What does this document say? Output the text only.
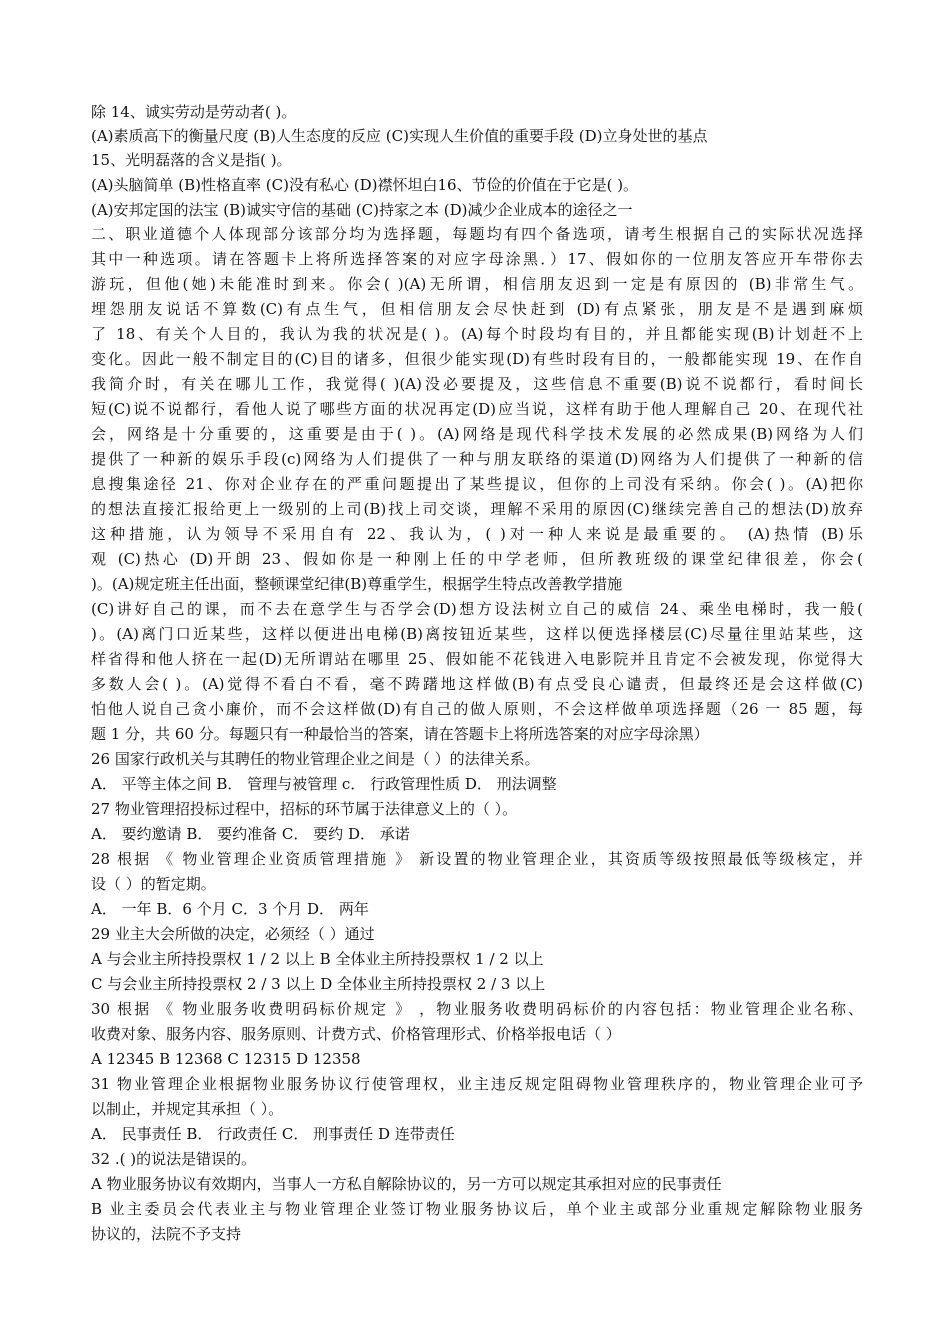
除 14、诚实劳动是劳动者( )。
(A)素质高下的衡量尺度 (B)人生态度的反应 (C)实现人生价值的重要手段 (D)立身处世的基点
15、光明磊落的含义是指( )。
(A)头脑简单 (B)性格直率 (C)没有私心 (D)襟怀坦白16、节俭的价值在于它是( )。
(A)安邦定国的法宝 (B)诚实守信的基础 (C)持家之本 (D)减少企业成本的途径之一
二、职业道德个人体现部分该部分均为选择题，每题均有四个备选项，请考生根据自己的实际状况选择
其中一种选项。请在答题卡上将所选择答案的对应字母涂黑．）17、假如你的一位朋友答应开车带你去
游玩，但他(她)未能准时到来。你会( )(A)无所谓，相信朋友迟到一定是有原因的 (B)非常生气。
埋怨朋友说话不算数(C)有点生气，但相信朋友会尽快赶到 (D)有点紧张，朋友是不是遇到麻烦
了 18、有关个人目的，我认为我的状况是( )。(A)每个时段均有目的，并且都能实现(B)计划赶不上
变化。因此一般不制定目的(C)目的诸多，但很少能实现(D)有些时段有目的，一般都能实现 19、在作自
我简介时，有关在哪儿工作，我觉得( )(A)没必要提及，这些信息不重要(B)说不说都行，看时间长
短(C)说不说都行，看他人说了哪些方面的状况再定(D)应当说，这样有助于他人理解自己 20、在现代社
会，网络是十分重要的，这重要是由于( )。(A)网络是现代科学技术发展的必然成果(B)网络为人们
提供了一种新的娱乐手段(c)网络为人们提供了一种与朋友联络的渠道(D)网络为人们提供了一种新的信
息搜集途径 21、你对企业存在的严重问题提出了某些提议，但你的上司没有采纳。你会( )。(A)把你
的想法直接汇报给更上一级别的上司(B)找上司交谈，理解不采用的原因(C)继续完善自己的想法(D)放弃
这种措施，认为领导不采用自有 22、我认为，( )对一种人来说是最重要的。 (A)热情 (B)乐
观 (C)热心 (D)开朗 23、假如你是一种刚上任的中学老师，但所教班级的课堂纪律很差，你会(
)。(A)规定班主任出面，整顿课堂纪律(B)尊重学生，根据学生特点改善教学措施
(C)讲好自己的课，而不去在意学生与否学会(D)想方设法树立自己的威信 24、乘坐电梯时，我一般(
)。(A)离门口近某些，这样以便进出电梯(B)离按钮近某些，这样以便选择楼层(C)尽量往里站某些，这
样省得和他人挤在一起(D)无所谓站在哪里 25、假如能不花钱进入电影院并且肯定不会被发现，你觉得大
多数人会( )。(A)觉得不看白不看，毫不踌躇地这样做(B)有点受良心谴责，但最终还是会这样做(C)
怕他人说自己贪小廉价，而不会这样做(D)有自己的做人原则，不会这样做单项选择题（26 一 85 题，每
题 1 分，共 60 分。每题只有一种最恰当的答案，请在答题卡上将所选答案的对应字母涂黑）
26 国家行政机关与其聘任的物业管理企业之间是（ ）的法律关系。
A． 平等主体之间 B． 管理与被管理 c． 行政管理性质 D． 刑法调整
27 物业管理招投标过程中，招标的环节属于法律意义上的（ ）。
A． 要约邀请 B． 要约准备 C． 要约 D． 承诺
28 根据 《 物业管理企业资质管理措施 》 新设置的物业管理企业，其资质等级按照最低等级核定，并
设（ ）的暂定期。
A． 一年 B．6 个月 C．3 个月 D． 两年
29 业主大会所做的决定，必须经（ ）通过
A 与会业主所持投票权 1 / 2 以上 B 全体业主所持投票权 1 / 2 以上
C 与会业主所持投票权 2 / 3 以上 D 全体业主所持投票权 2 / 3 以上
30 根据 《 物业服务收费明码标价规定 》 ，物业服务收费明码标价的内容包括：物业管理企业名称、
收费对象、服务内容、服务原则、计费方式、价格管理形式、价格举报电话（ ）
A 12345 B 12368 C 12315 D 12358
31 物业管理企业根据物业服务协议行使管理权，业主违反规定阻碍物业管理秩序的，物业管理企业可予
以制止，并规定其承担（ ）。
A． 民事责任 B． 行政责任 C． 刑事责任 D 连带责任
32 .( )的说法是错误的。
A 物业服务协议有效期内，当事人一方私自解除协议的，另一方可以规定其承担对应的民事责任
B 业主委员会代表业主与物业管理企业签订物业服务协议后，单个业主或部分业重规定解除物业服务
协议的，法院不予支持
